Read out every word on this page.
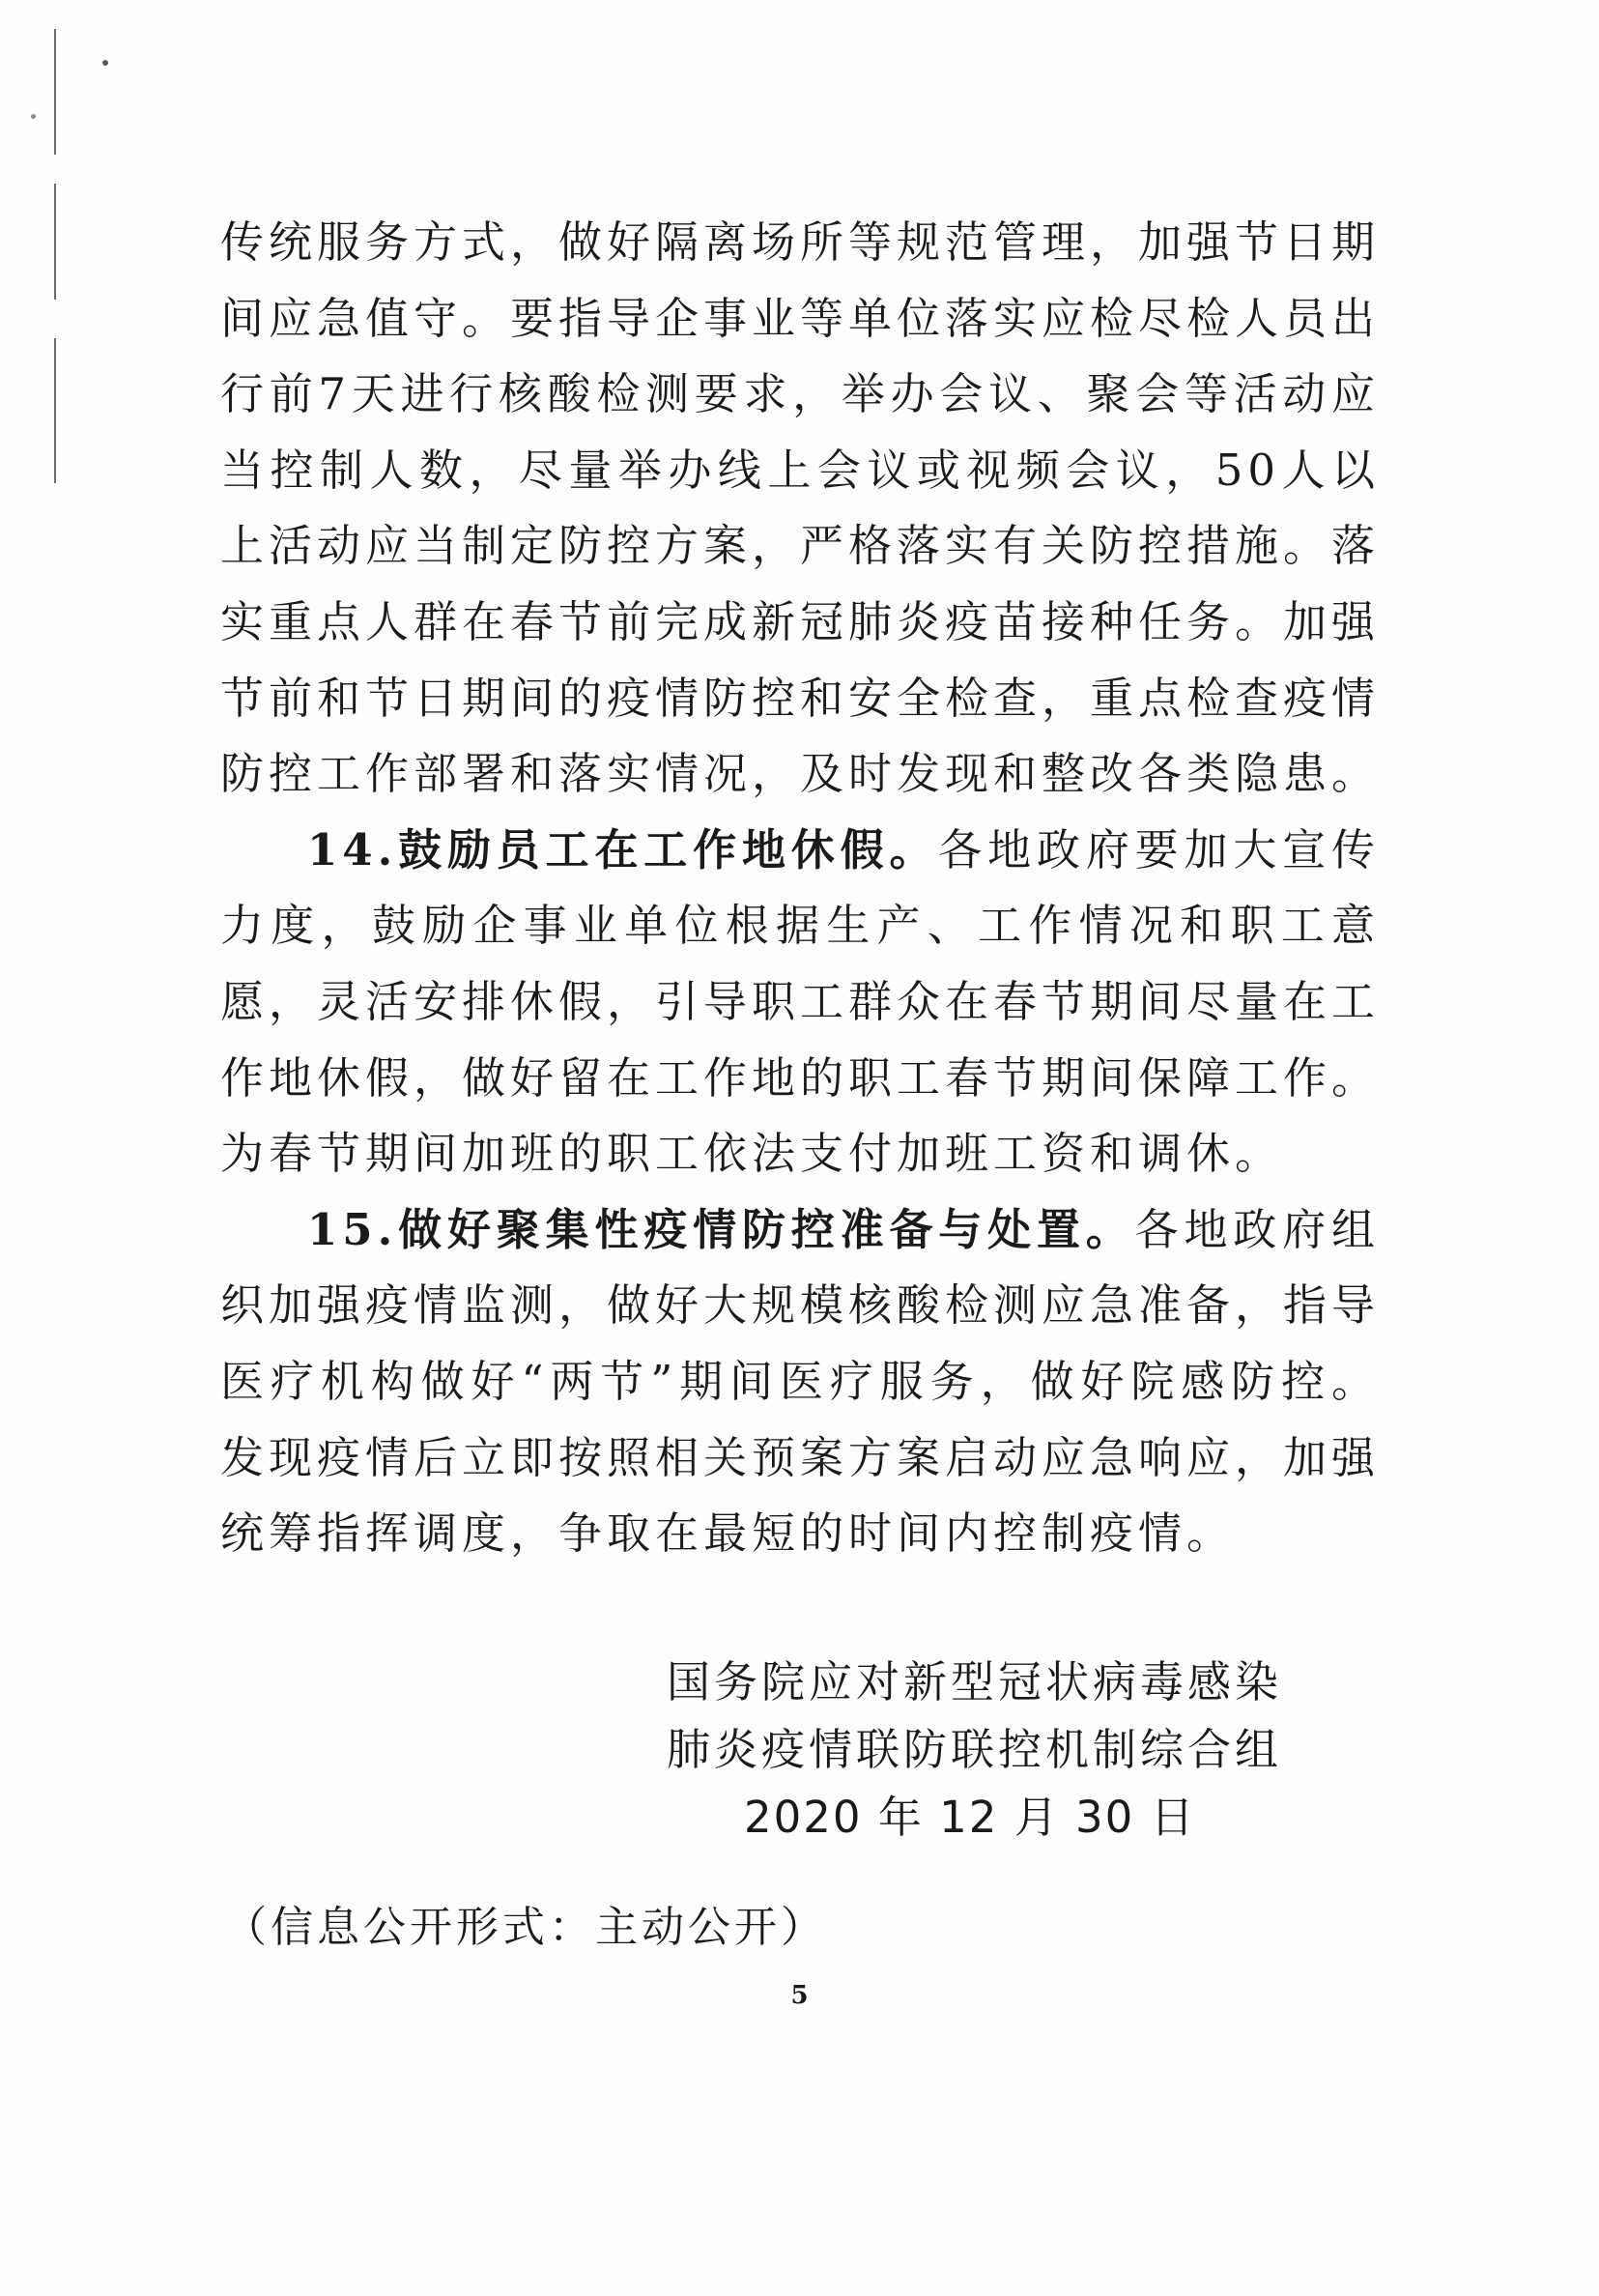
传统服务方式，做好隔离场所等规范管理，加强节日期间应急值守。要指导企事业等单位落实应检尽检人员出行前7天进行核酸检测要求，举办会议、聚会等活动应当控制人数，尽量举办线上会议或视频会议，50人以上活动应当制定防控方案，严格落实有关防控措施。落实重点人群在春节前完成新冠肺炎疫苗接种任务。加强节前和节日期间的疫情防控和安全检查，重点检查疫情防控工作部署和落实情况，及时发现和整改各类隐患。

14.鼓励员工在工作地休假。各地政府要加大宣传力度，鼓励企事业单位根据生产、工作情况和职工意愿，灵活安排休假，引导职工群众在春节期间尽量在工作地休假，做好留在工作地的职工春节期间保障工作。为春节期间加班的职工依法支付加班工资和调休。

15.做好聚集性疫情防控准备与处置。各地政府组织加强疫情监测，做好大规模核酸检测应急准备，指导医疗机构做好“两节”期间医疗服务，做好院感防控。发现疫情后立即按照相关预案方案启动应急响应，加强统筹指挥调度，争取在最短的时间内控制疫情。

国务院应对新型冠状病毒感染
肺炎疫情联防联控机制综合组
2020 年 12 月 30 日
（信息公开形式：主动公开）
5
